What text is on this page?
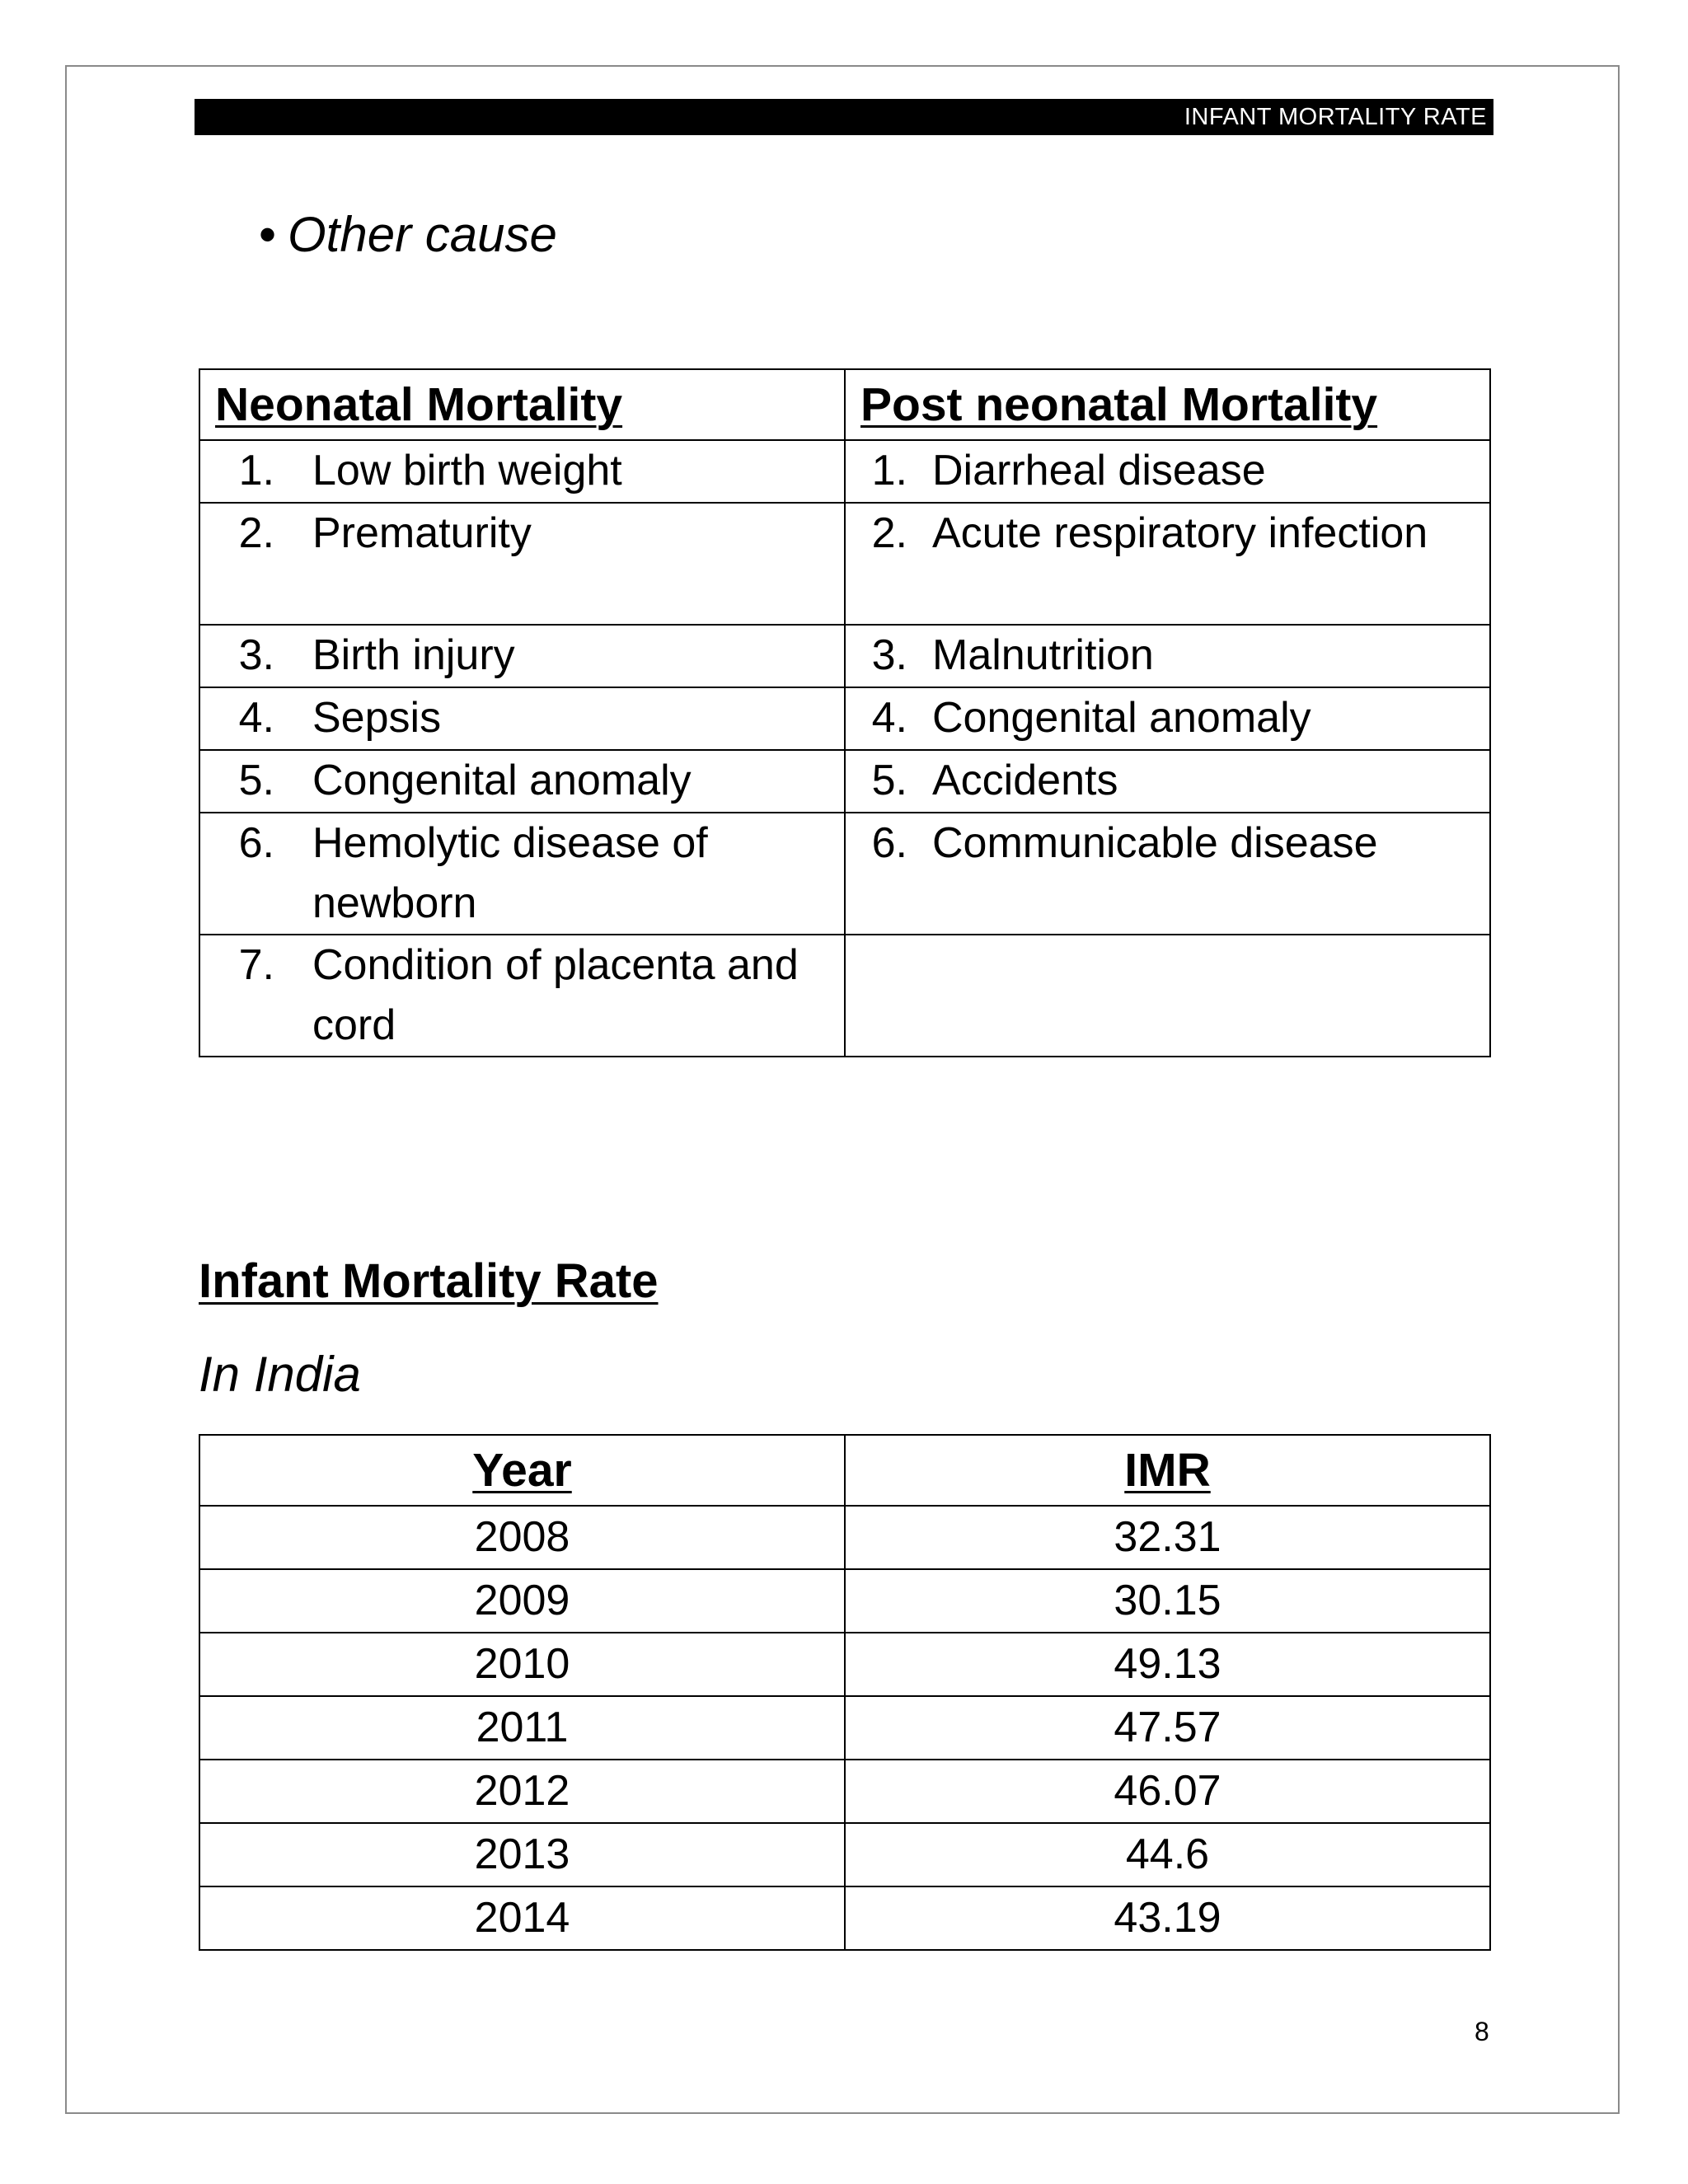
INFANT MORTALITY RATE
• Other cause
Neonatal Mortality	Post neonatal Mortality

1. Low birth weight	1. Diarrheal disease

2. Prematurity	2. Acute respiratory infection

3. Birth injury	3. Malnutrition

4. Sepsis	4. Congenital anomaly

5. Congenital anomaly	5. Accidents

6. Hemolytic disease of newborn	6. Communicable disease

7. Condition of placenta and cord	

Infant Mortality Rate
In India
Year	IMR
2008	32.31
2009	30.15
2010	49.13
2011	47.57
2012	46.07
2013	44.6
2014	43.19
8
